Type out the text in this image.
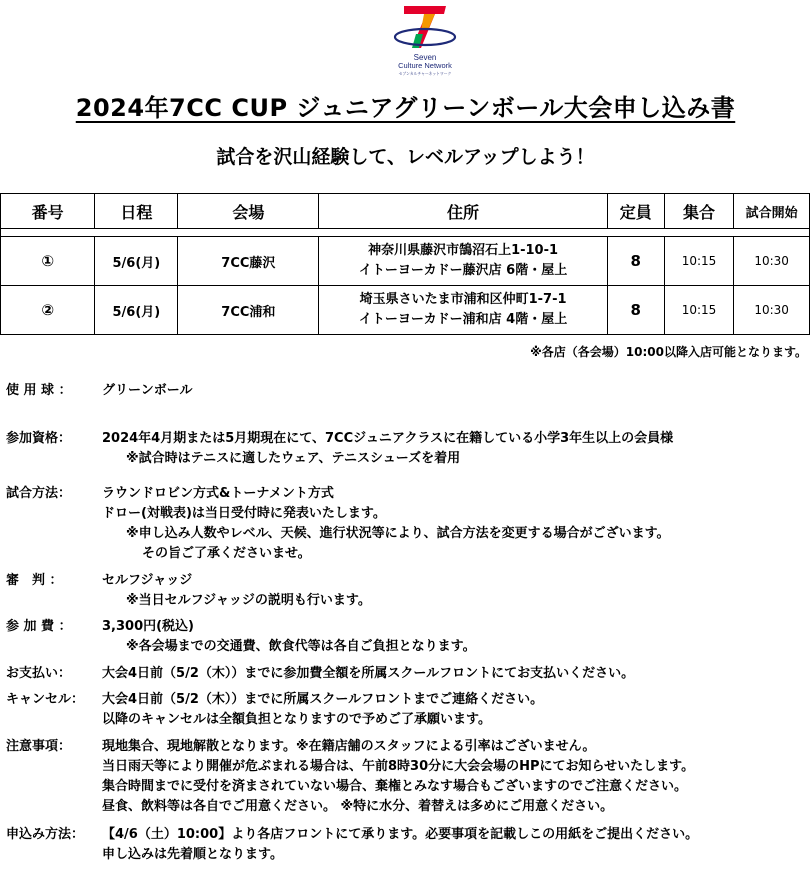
Seven
Culture Network
セブンカルチャーネットワーク
2024年7CC CUP ジュニアグリーンボール大会申し込み書
試合を沢山経験して、レベルアップしよう！
番号	日程	会場	住所	定員	集合	試合開始

①	5/6(月)	7CC藤沢	神奈川県藤沢市鵠沼石上1-10-1
イトーヨーカドー藤沢店 6階・屋上	8	10:15	10:30
②	5/6(月)	7CC浦和	埼玉県さいたま市浦和区仲町1-7-1
イトーヨーカドー浦和店 4階・屋上	8	10:15	10:30
※各店（各会場）10:00以降入店可能となります。
使 用 球 ： グリーンボール
参加資格： 2024年4月期または5月期現在にて、7CCジュニアクラスに在籍している小学3年生以上の会員様
※試合時はテニスに適したウェア、テニスシューズを着用
試合方法： ラウンドロビン方式&トーナメント方式
ドロー(対戦表)は当日受付時に発表いたします。
※申し込み人数やレベル、天候、進行状況等により、試合方法を変更する場合がございます。
その旨ご了承くださいませ。
審　判 ：	セルフジャッジ
※当日セルフジャッジの説明も行います。
参 加 費 ： 3,300円(税込)
※各会場までの交通費、飲食代等は各自ご負担となります。
お支払い： 大会4日前（5/2（木））までに参加費全額を所属スクールフロントにてお支払いください。
キャンセル： 大会4日前（5/2（木））までに所属スクールフロントまでご連絡ください。
以降のキャンセルは全額負担となりますので予めご了承願います。
注意事項： 現地集合、現地解散となります。※在籍店舗のスタッフによる引率はございません。
当日雨天等により開催が危ぶまれる場合は、午前8時30分に大会会場のHPにてお知らせいたします。
集合時間までに受付を済まされていない場合、棄権とみなす場合もございますのでご注意ください。
昼食、飲料等は各自でご用意ください。 ※特に水分、着替えは多めにご用意ください。
申込み方法： 【4/6（土）10:00】より各店フロントにて承ります。必要事項を記載しこの用紙をご提出ください。
申し込みは先着順となります。
